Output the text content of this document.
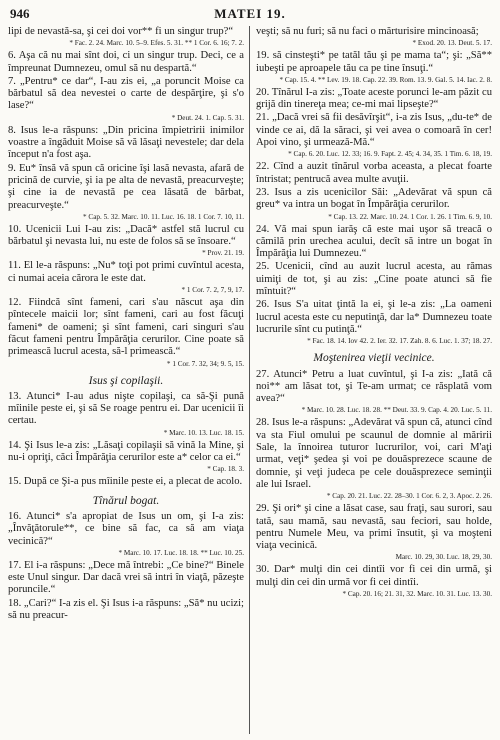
946	MATEI 19.
lipi de nevastă-sa, şi cei doi vor** fi un singur trup?“
* Fac. 2. 24. Marc. 10. 5–9. Efes. 5. 31. ** 1 Cor. 6. 16; 7. 2.
6. Aşa că nu mai sînt doi, ci un singur trup. Deci, ce a împreunat Dumnezeu, omul să nu despartă.“
7. „Pentru* ce dar“, I-au zis ei, „a poruncit Moise ca bărbatul să dea nevestei o carte de despărţire, şi s'o lase?“
* Deut. 24. 1. Cap. 5. 31.
8. Isus le-a răspuns: „Din pricina împietririi inimilor voastre a îngăduit Moise să vă lăsaţi nevestele; dar dela început n'a fost aşa.
9. Eu* însă vă spun că oricine îşi lasă nevasta, afară de pricină de curvie, şi ia pe alta de nevastă, preacurveşte; şi cine ia de nevastă pe cea lăsată de bărbat, preacurveşte.“
* Cap. 5. 32. Marc. 10. 11. Luc. 16. 18. 1 Cor. 7. 10, 11.
10. Ucenicii Lui I-au zis: „Dacă* astfel stă lucrul cu bărbatul şi nevasta lui, nu este de folos să se însoare.“
* Prov. 21. 19.
11. El le-a răspuns: „Nu* toţi pot primi cuvîntul acesta, ci numai aceia cărora le este dat.
* 1 Cor. 7. 2, 7, 9, 17.
12. Fiindcă sînt fameni, cari s'au născut aşa din pîntecele maicii lor; sînt fameni, cari au fost făcuţi fameni* de oameni; şi sînt fameni, cari singuri s'au făcut fameni pentru Împărăţia cerurilor. Cine poate să primească lucrul acesta, să-l primească.“
* 1 Cor. 7. 32, 34; 9. 5, 15.
Isus şi copilaşii.
13. Atunci* I-au adus nişte copilaşi, ca să-Şi pună mîinile peste ei, şi să Se roage pentru ei. Dar ucenicii îi certau.
* Marc. 10. 13. Luc. 18. 15.
14. Şi Isus le-a zis: „Lăsaţi copilaşii să vină la Mine, şi nu-i opriţi, căci Împărăţia cerurilor este a* celor ca ei.“
* Cap. 18. 3.
15. După ce Şi-a pus mîinile peste ei, a plecat de acolo.
Tînărul bogat.
16. Atunci* s'a apropiat de Isus un om, şi I-a zis: „Învăţătorule**, ce bine să fac, ca să am viaţa vecinică?“
* Marc. 10. 17. Luc. 18. 18. ** Luc. 10. 25.
17. El i-a răspuns: „Dece mă întrebi: „Ce bine?“ Binele este Unul singur. Dar dacă vrei să intri în viaţă, păzeşte poruncile.“
18. „Cari?“ I-a zis el. Şi Isus i-a răspuns: „Să* nu ucizi; să nu preacur-
veşti; să nu furi; să nu faci o mărturisire mincinoasă;
* Exod. 20. 13. Deut. 5. 17.
19. să cinsteşti* pe tatăl tău şi pe mama ta“; şi: „Să** iubeşti pe aproapele tău ca pe tine însuţi.“
* Cap. 15. 4. ** Lev. 19. 18. Cap. 22. 39. Rom. 13. 9. Gal. 5. 14. Iac. 2. 8.
20. Tînărul I-a zis: „Toate aceste porunci le-am păzit cu grijă din tinereţa mea; ce-mi mai lipseşte?“
21. „Dacă vrei să fii desăvîrşit“, i-a zis Isus, „du-te* de vinde ce ai, dă la săraci, şi vei avea o comoară în cer! Apoi vino, şi urmează-Mă.“
* Cap. 6. 20. Luc. 12. 33; 16. 9. Fapt. 2. 45; 4. 34, 35. 1 Tim. 6. 18, 19.
22. Cînd a auzit tînărul vorba aceasta, a plecat foarte întristat; pentrucă avea multe avuţii.
23. Isus a zis ucenicilor Săi: „Adevărat vă spun că greu* va intra un bogat în Împărăţia cerurilor.
* Cap. 13. 22. Marc. 10. 24. 1 Cor. 1. 26. 1 Tim. 6. 9, 10.
24. Vă mai spun iarăş că este mai uşor să treacă o cămilă prin urechea acului, decît să intre un bogat în Împărăţia lui Dumnezeu.“
25. Ucenicii, cînd au auzit lucrul acesta, au rămas uimiţi de tot, şi au zis: „Cine poate atunci să fie mîntuit?“
26. Isus S'a uitat ţintă la ei, şi le-a zis: „La oameni lucrul acesta este cu neputinţă, dar la* Dumnezeu toate lucrurile sînt cu putinţă.“
* Fac. 18. 14. Iov 42. 2. Ier. 32. 17. Zah. 8. 6. Luc. 1. 37; 18. 27.
Moştenirea vieţii vecinice.
27. Atunci* Petru a luat cuvîntul, şi I-a zis: „Iată că noi** am lăsat tot, şi Te-am urmat; ce răsplată vom avea?“
* Marc. 10. 28. Luc. 18. 28. ** Deut. 33. 9. Cap. 4. 20. Luc. 5. 11.
28. Isus le-a răspuns: „Adevărat vă spun că, atunci cînd va sta Fiul omului pe scaunul de domnie al măririi Sale, la înnoirea tuturor lucrurilor, voi, cari M'aţi urmat, veţi* şedea şi voi pe douăsprezece scaune de domnie, şi veţi judeca pe cele douăsprezece seminţii ale lui Israel.
* Cap. 20. 21. Luc. 22. 28–30. 1 Cor. 6. 2, 3. Apoc. 2. 26.
29. Şi ori* şi cine a lăsat case, sau fraţi, sau surori, sau tată, sau mamă, sau nevastă, sau feciori, sau holde, pentru Numele Meu, va primi însutit, şi va moşteni viaţa vecinică.
Marc. 10. 29, 30. Luc. 18, 29, 30.
30. Dar* mulţi din cei dintîi vor fi cei din urmă, şi mulţi din cei din urmă vor fi cei dintîi.
* Cap. 20. 16; 21. 31, 32. Marc. 10. 31. Luc. 13. 30.
